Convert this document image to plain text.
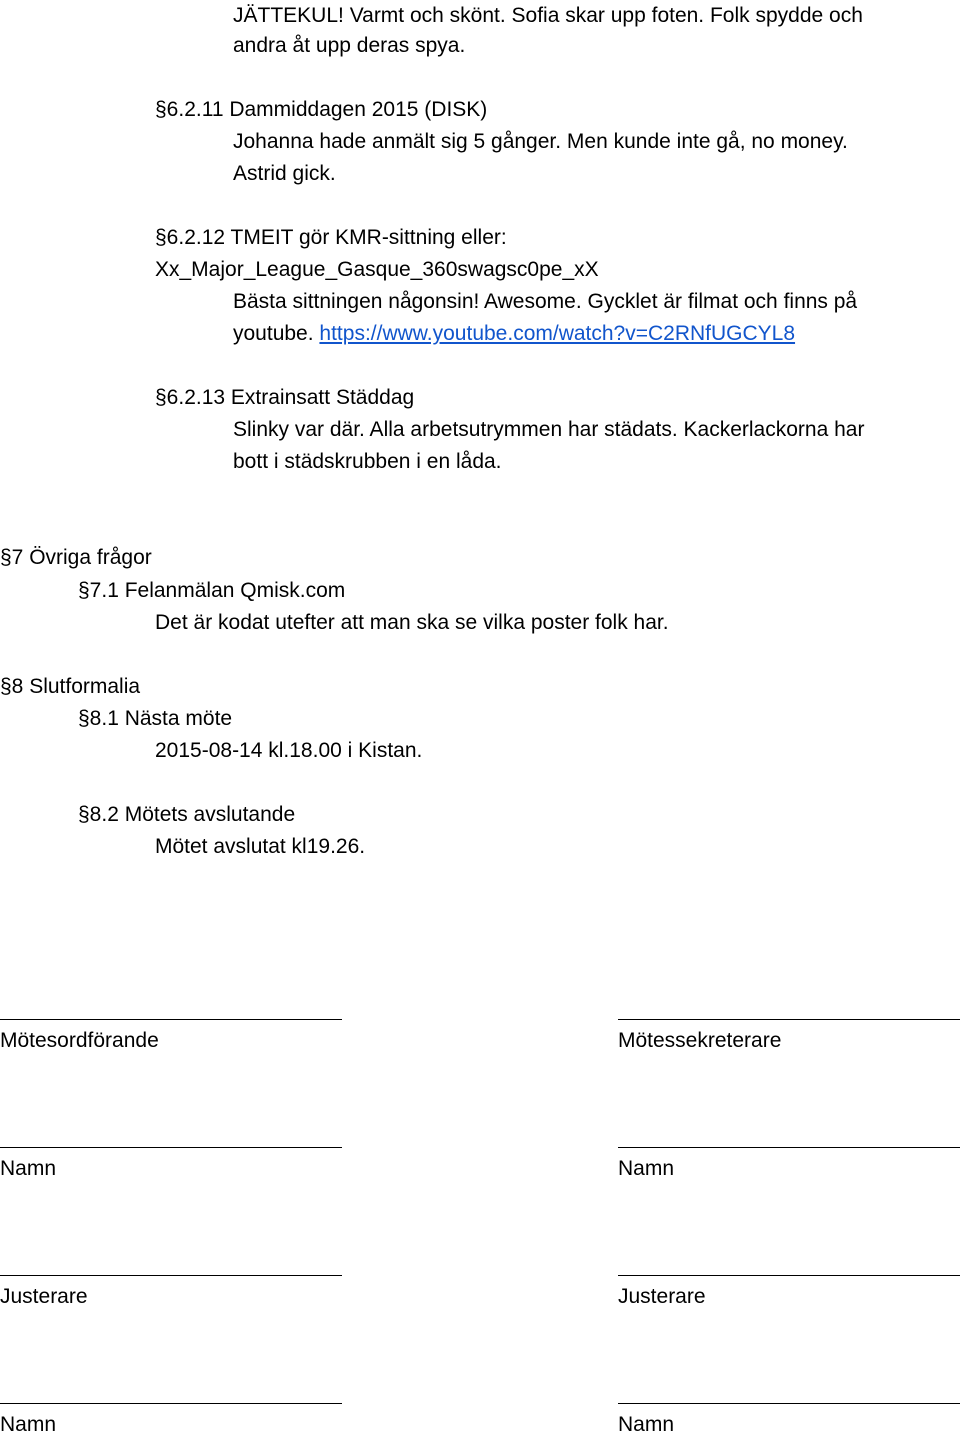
JÄTTEKUL! Varmt och skönt. Sofia skar upp foten. Folk spydde och
andra åt upp deras spya.
§6.2.11 Dammiddagen 2015 (DISK)
Johanna hade anmält sig 5 gånger. Men kunde inte gå, no money.
Astrid gick.
§6.2.12 TMEIT gör KMR-sittning eller:
Xx_Major_League_Gasque_360swagsc0pe_xX
Bästa sittningen någonsin! Awesome. Gycklet är filmat och finns på
youtube. https://www.youtube.com/watch?v=C2RNfUGCYL8
§6.2.13 Extrainsatt Städdag
Slinky var där. Alla arbetsutrymmen har städats. Kackerlackorna har
bott i städskrubben i en låda.
§7 Övriga frågor
§7.1 Felanmälan Qmisk.com
Det är kodat utefter att man ska se vilka poster folk har.
§8 Slutformalia
§8.1 Nästa möte
2015-08-14 kl.18.00 i Kistan.
§8.2 Mötets avslutande
Mötet avslutat kl19.26.
Mötesordförande
Namn
Justerare
Namn
Mötessekreterare
Namn
Justerare
Namn
